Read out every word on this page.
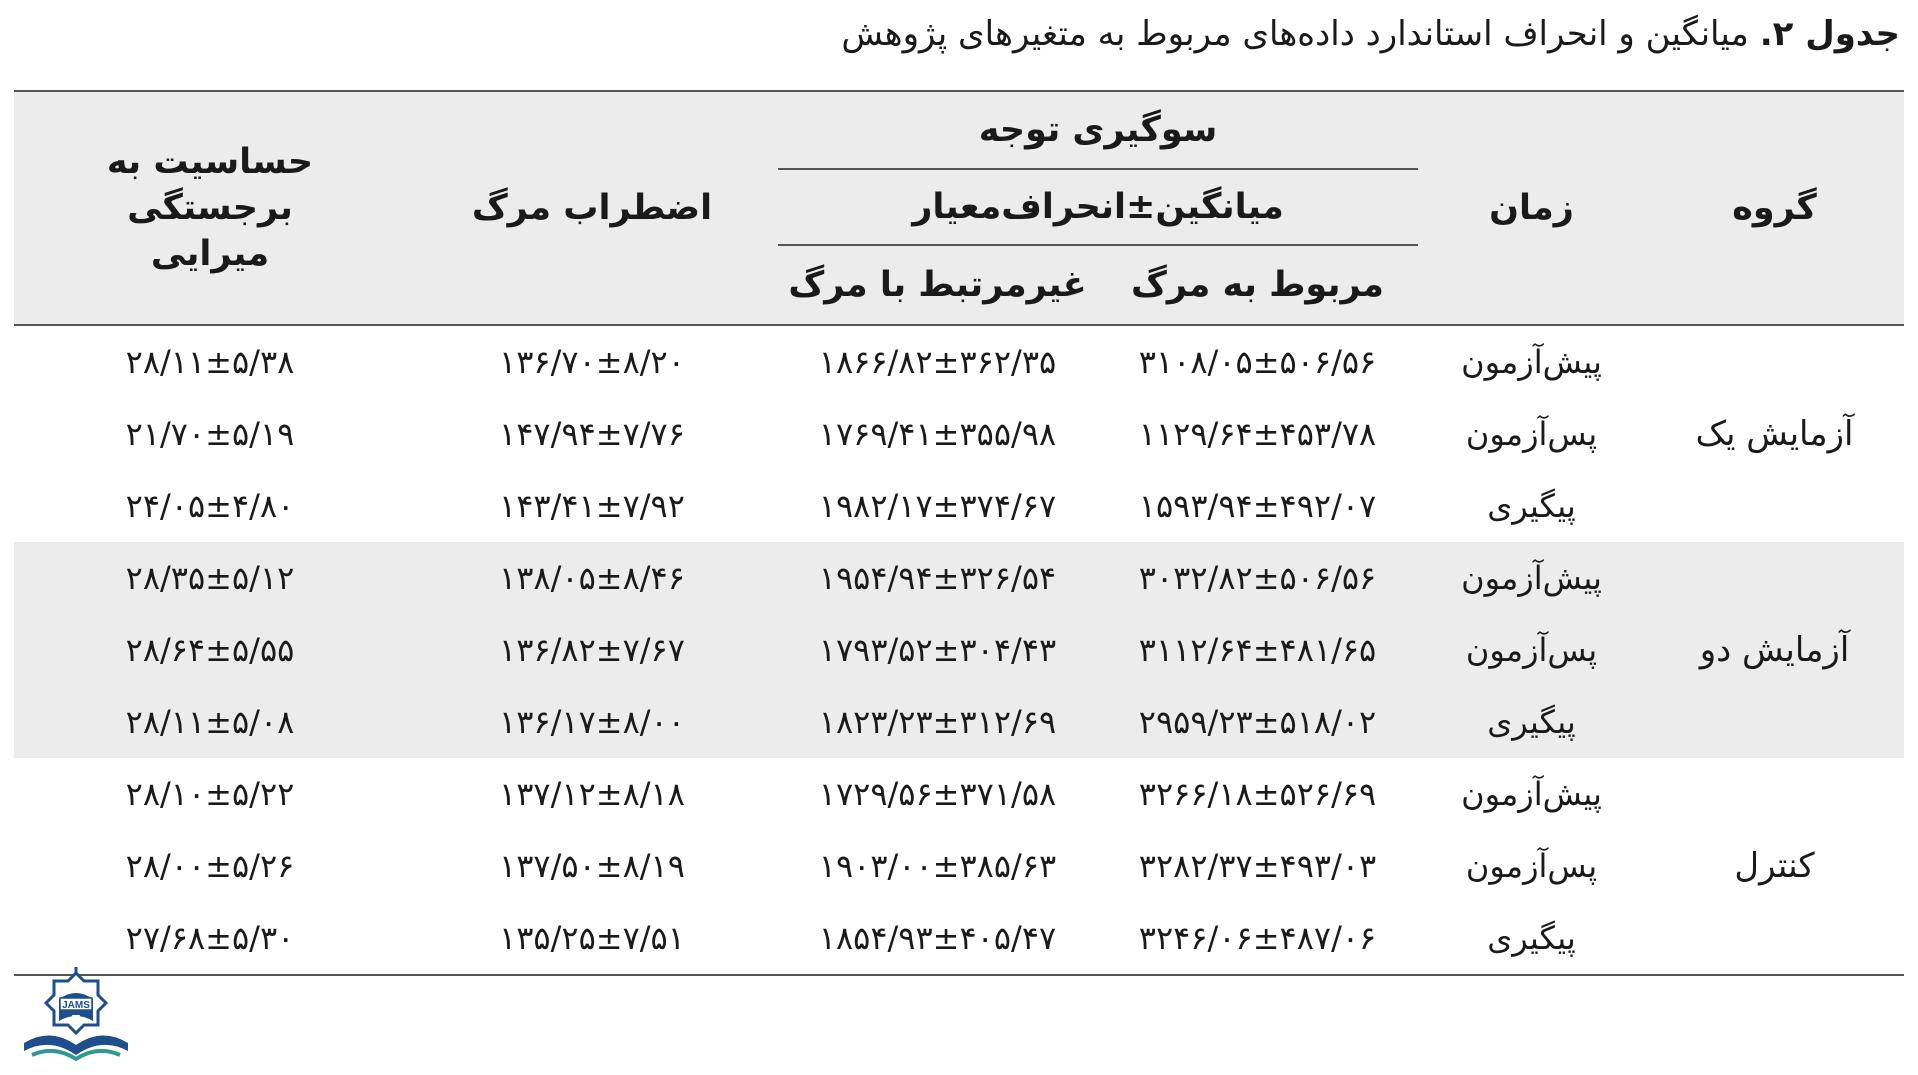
جدول ۲. میانگین و انحراف استاندارد داده‌های مربوط به متغیرهای پژوهش
گروه	زمان	سوگیری توجه		اضطراب مرگ	حساسیت به برجستگی میرایی
		میانگین±انحراف‌معیار			
		مربوط به مرگ	غیرمرتبط با مرگ		
آزمایش یک	پیش‌آزمون	۳۱۰۸/۰۵±۵۰۶/۵۶	۱۸۶۶/۸۲±۳۶۲/۳۵	۱۳۶/۷۰±۸/۲۰	۲۸/۱۱±۵/۳۸
	پس‌آزمون	۱۱۲۹/۶۴±۴۵۳/۷۸	۱۷۶۹/۴۱±۳۵۵/۹۸	۱۴۷/۹۴±۷/۷۶	۲۱/۷۰±۵/۱۹
	پیگیری	۱۵۹۳/۹۴±۴۹۲/۰۷	۱۹۸۲/۱۷±۳۷۴/۶۷	۱۴۳/۴۱±۷/۹۲	۲۴/۰۵±۴/۸۰
آزمایش دو	پیش‌آزمون	۳۰۳۲/۸۲±۵۰۶/۵۶	۱۹۵۴/۹۴±۳۲۶/۵۴	۱۳۸/۰۵±۸/۴۶	۲۸/۳۵±۵/۱۲
	پس‌آزمون	۳۱۱۲/۶۴±۴۸۱/۶۵	۱۷۹۳/۵۲±۳۰۴/۴۳	۱۳۶/۸۲±۷/۶۷	۲۸/۶۴±۵/۵۵
	پیگیری	۲۹۵۹/۲۳±۵۱۸/۰۲	۱۸۲۳/۲۳±۳۱۲/۶۹	۱۳۶/۱۷±۸/۰۰	۲۸/۱۱±۵/۰۸
کنترل	پیش‌آزمون	۳۲۶۶/۱۸±۵۲۶/۶۹	۱۷۲۹/۵۶±۳۷۱/۵۸	۱۳۷/۱۲±۸/۱۸	۲۸/۱۰±۵/۲۲
	پس‌آزمون	۳۲۸۲/۳۷±۴۹۳/۰۳	۱۹۰۳/۰۰±۳۸۵/۶۳	۱۳۷/۵۰±۸/۱۹	۲۸/۰۰±۵/۲۶
	پیگیری	۳۲۴۶/۰۶±۴۸۷/۰۶	۱۸۵۴/۹۳±۴۰۵/۴۷	۱۳۵/۲۵±۷/۵۱	۲۷/۶۸±۵/۳۰
JAMS
